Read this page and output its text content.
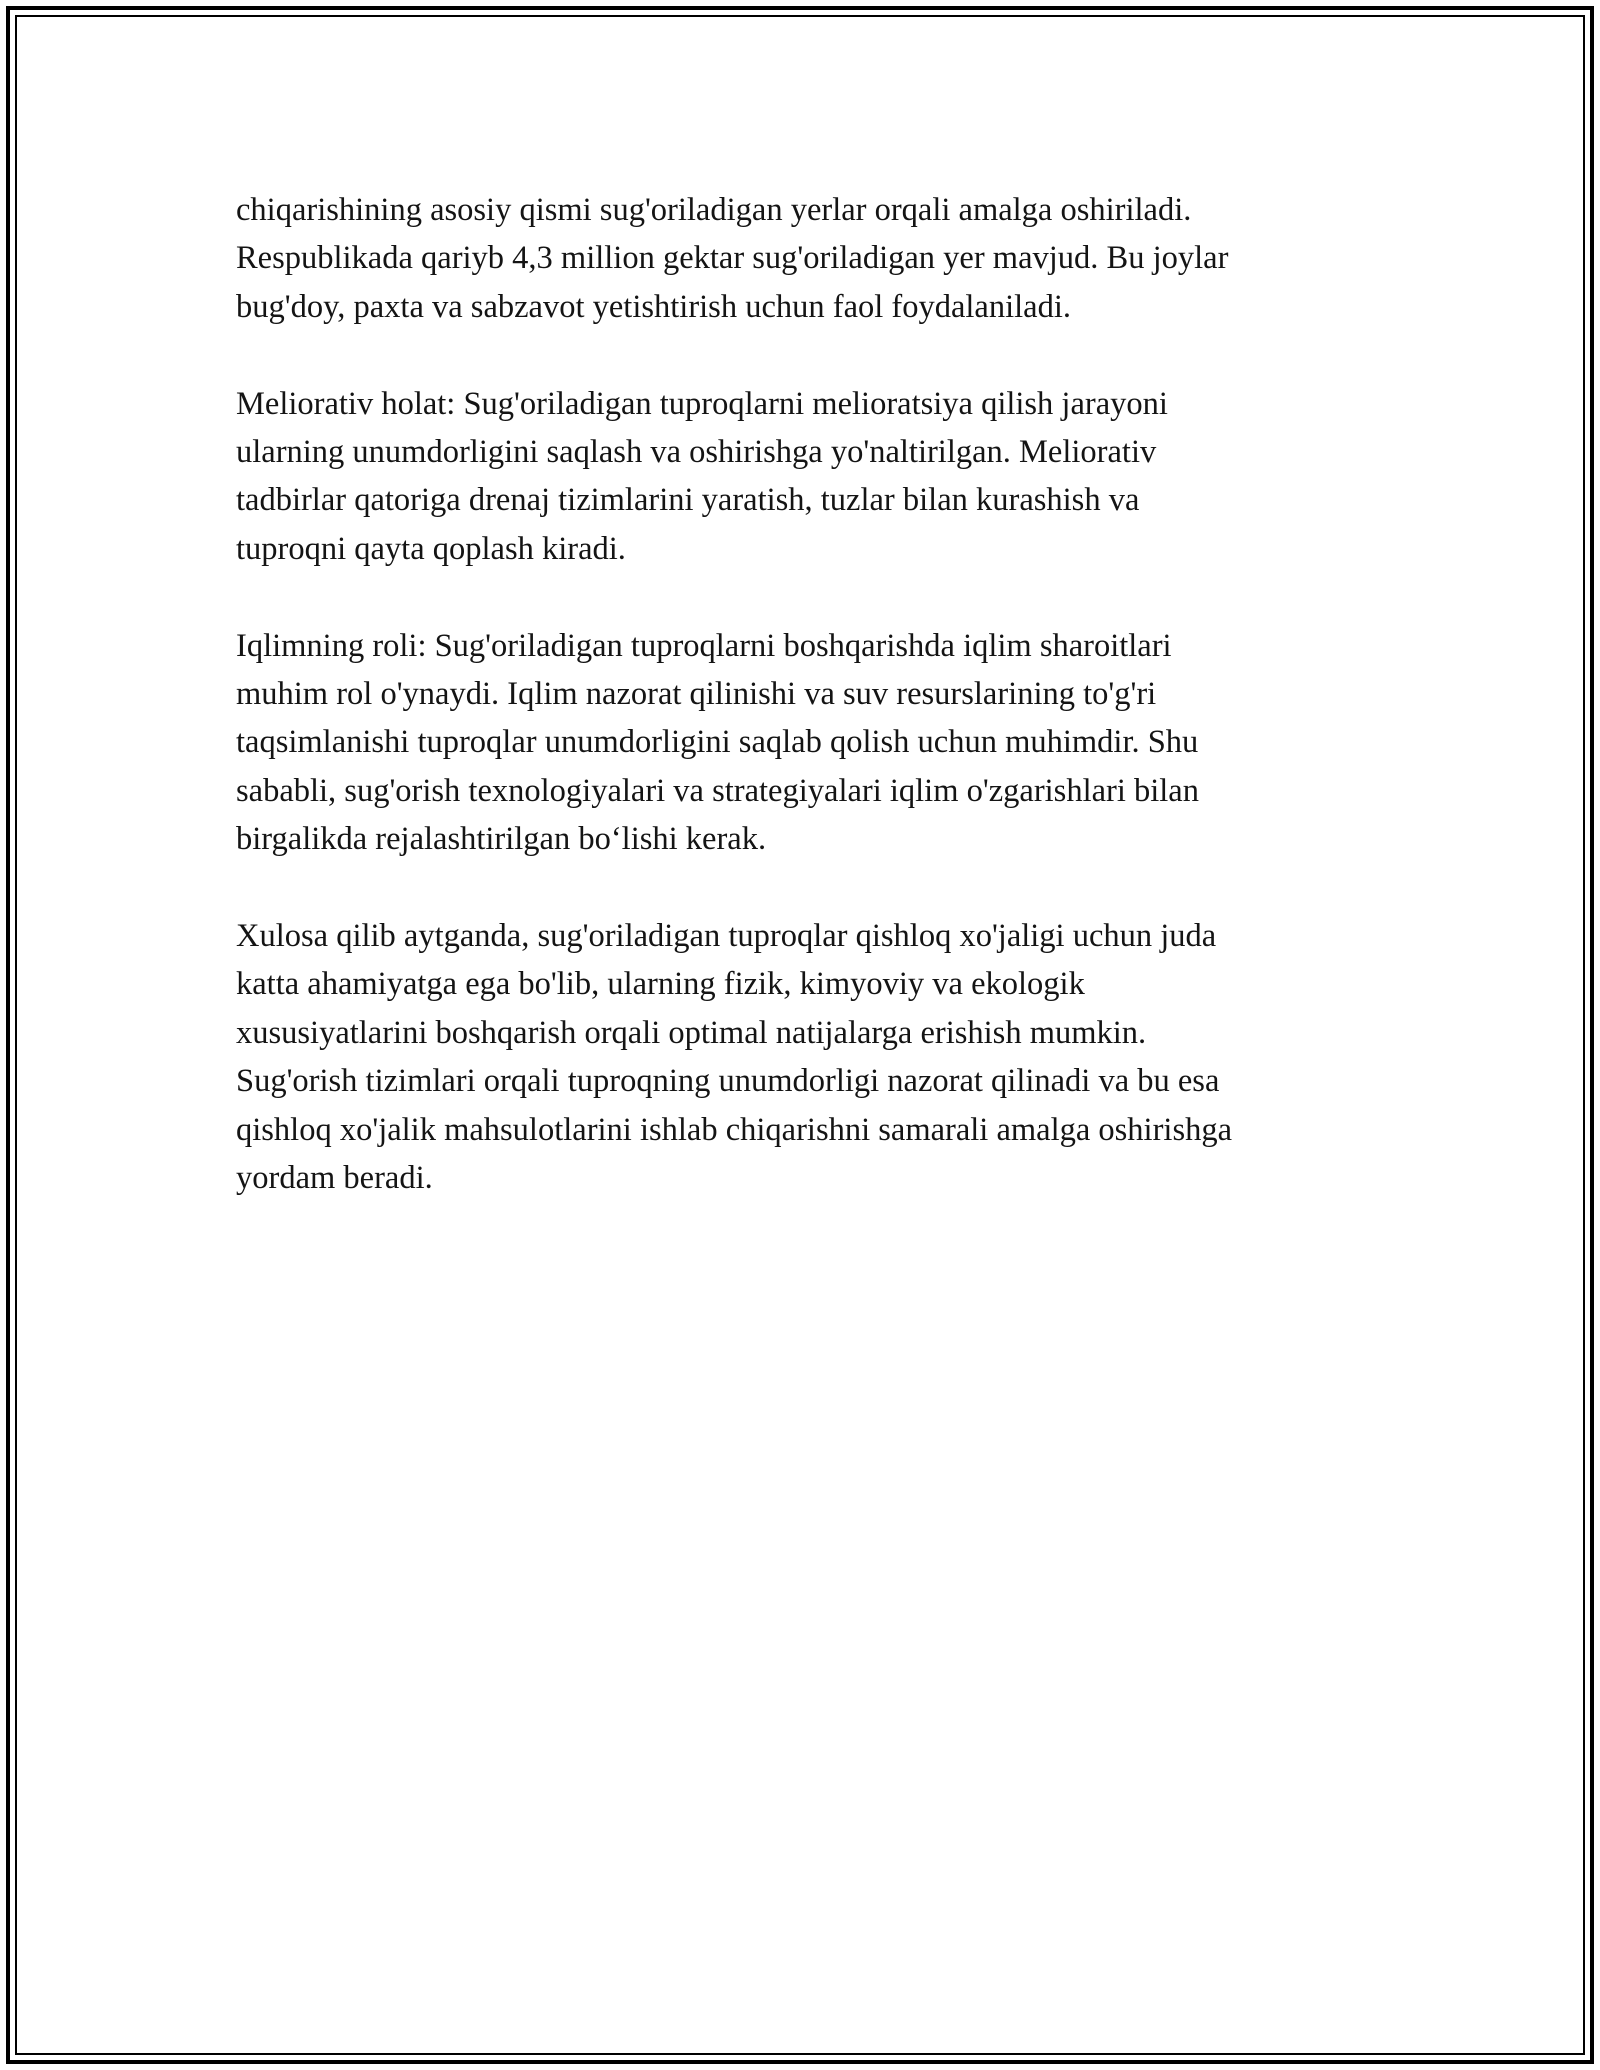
chiqarishining asosiy qismi sug'oriladigan yerlar orqali amalga oshiriladi.
Respublikada qariyb 4,3 million gektar sug'oriladigan yer mavjud. Bu joylar
bug'doy, paxta va sabzavot yetishtirish uchun faol foydalaniladi.

Meliorativ holat: Sug'oriladigan tuproqlarni melioratsiya qilish jarayoni
ularning unumdorligini saqlash va oshirishga yo'naltirilgan. Meliorativ
tadbirlar qatoriga drenaj tizimlarini yaratish, tuzlar bilan kurashish va
tuproqni qayta qoplash kiradi.

Iqlimning roli: Sug'oriladigan tuproqlarni boshqarishda iqlim sharoitlari
muhim rol o'ynaydi. Iqlim nazorat qilinishi va suv resurslarining to'g'ri
taqsimlanishi tuproqlar unumdorligini saqlab qolish uchun muhimdir. Shu
sababli, sug'orish texnologiyalari va strategiyalari iqlim o'zgarishlari bilan
birgalikda rejalashtirilgan bo‘lishi kerak.

Xulosa qilib aytganda, sug'oriladigan tuproqlar qishloq xo'jaligi uchun juda
katta ahamiyatga ega bo'lib, ularning fizik, kimyoviy va ekologik
xususiyatlarini boshqarish orqali optimal natijalarga erishish mumkin.
Sug'orish tizimlari orqali tuproqning unumdorligi nazorat qilinadi va bu esa
qishloq xo'jalik mahsulotlarini ishlab chiqarishni samarali amalga oshirishga
yordam beradi.
